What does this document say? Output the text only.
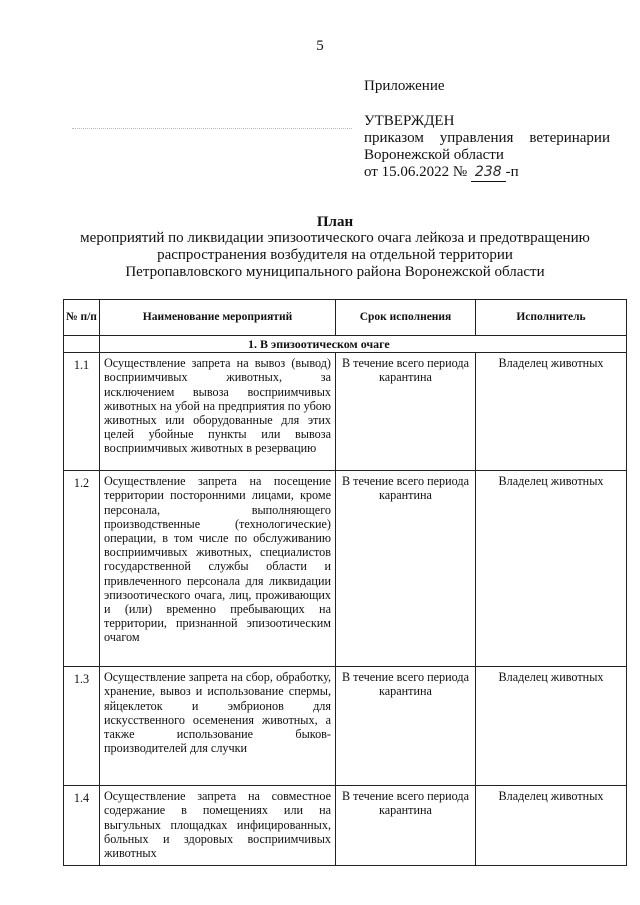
5
Приложение
УТВЕРЖДЕН
приказом управления ветеринарии
Воронежской области
от 15.06.2022 № 238 -п
План
мероприятий по ликвидации эпизоотического очага лейкоза и предотвращению
распространения возбудителя на отдельной территории
Петропавловского муниципального района Воронежской области
№ п/п	Наименование мероприятий	Срок исполнения	Исполнитель
	1. В эпизоотическом очаге		
1.1	Осуществление запрета на вывоз (вывод) восприимчивых животных, за исключением вывоза восприимчивых животных на убой на предприятия по убою животных или оборудованные для этих целей убойные пункты или вывоза восприимчивых животных в резервацию	В течение всего периода карантина	Владелец животных
1.2	Осуществление запрета на посещение территории посторонними лицами, кроме персонала, выполняющего производственные (технологические) операции, в том числе по обслуживанию восприимчивых животных, специалистов государственной службы области и привлеченного персонала для ликвидации эпизоотического очага, лиц, проживающих и (или) временно пребывающих на территории, признанной эпизоотическим очагом	В течение всего периода карантина	Владелец животных
1.3	Осуществление запрета на сбор, обработку, хранение, вывоз и использование спермы, яйцеклеток и эмбрионов для искусственного осеменения животных, а также использование быков-производителей для случки	В течение всего периода карантина	Владелец животных
1.4	Осуществление запрета на совместное содержание в помещениях или на выгульных площадках инфицированных, больных и здоровых восприимчивых животных	В течение всего периода карантина	Владелец животных
